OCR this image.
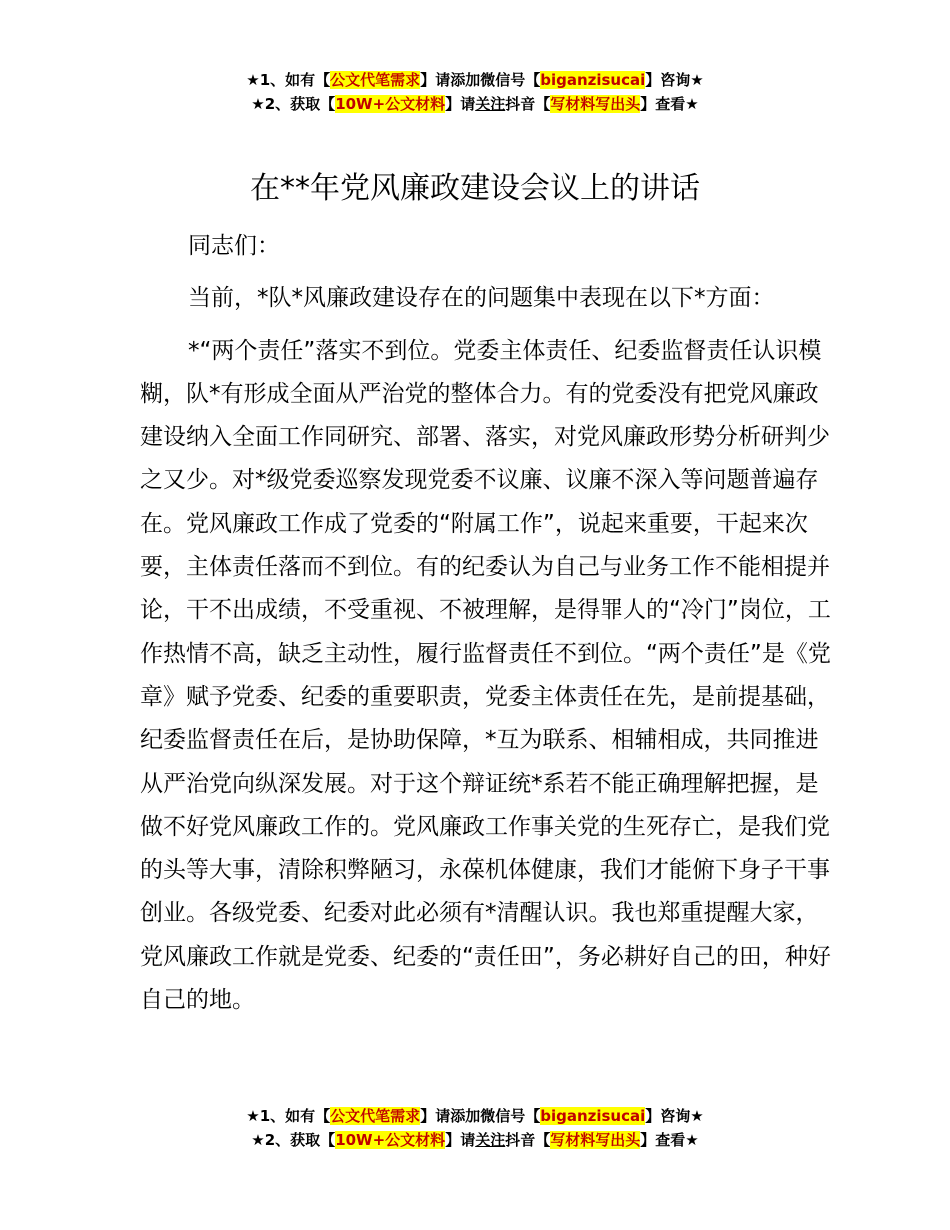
★1、如有【公文代笔需求】请添加微信号【biganzisucai】咨询★
★2、获取【10W+公文材料】请关注抖音【写材料写出头】查看★
在**年党风廉政建设会议上的讲话

同志们：

当前，*队*风廉政建设存在的问题集中表现在以下*方面：

*“两个责任”落实不到位。党委主体责任、纪委监督责任认识模糊，队*有形成全面从严治党的整体合力。有的党委没有把党风廉政建设纳入全面工作同研究、部署、落实，对党风廉政形势分析研判少之又少。对*级党委巡察发现党委不议廉、议廉不深入等问题普遍存在。党风廉政工作成了党委的“附属工作”，说起来重要，干起来次要，主体责任落而不到位。有的纪委认为自己与业务工作不能相提并论，干不出成绩，不受重视、不被理解，是得罪人的“冷门”岗位，工作热情不高，缺乏主动性，履行监督责任不到位。“两个责任”是《党章》赋予党委、纪委的重要职责，党委主体责任在先，是前提基础，纪委监督责任在后，是协助保障，*互为联系、相辅相成，共同推进从严治党向纵深发展。对于这个辩证统*系若不能正确理解把握，是做不好党风廉政工作的。党风廉政工作事关党的生死存亡，是我们党的头等大事，清除积弊陋习，永葆机体健康，我们才能俯下身子干事创业。各级党委、纪委对此必须有*清醒认识。我也郑重提醒大家，党风廉政工作就是党委、纪委的“责任田”，务必耕好自己的田，种好自己的地。

★1、如有【公文代笔需求】请添加微信号【biganzisucai】咨询★
★2、获取【10W+公文材料】请关注抖音【写材料写出头】查看★
